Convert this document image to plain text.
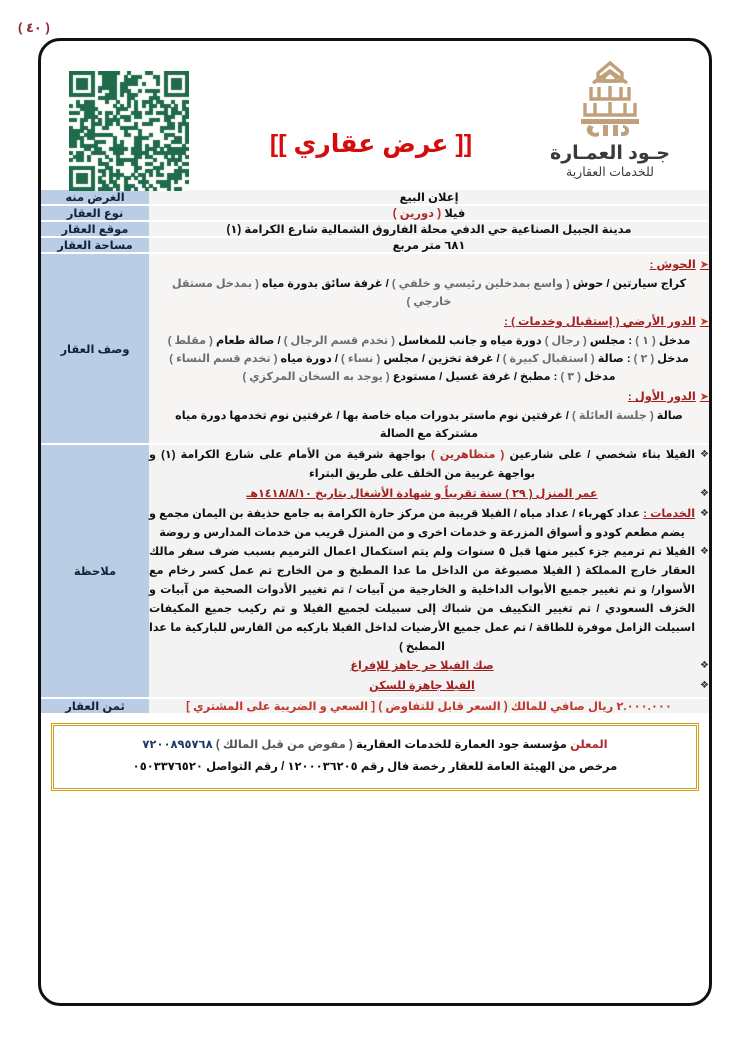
( ٤٠ )
جـود العمـارة
للخدمات العقارية
[[ عرض عقاري ]]
إعلان البيع	الغرض منه
فيلا ( دورين )	نوع العقار
مدينة الجبيل الصناعية حي الدفي محلة الفاروق الشمالية شارع الكرامة (١)	موقع العقار
٦٨١ متر مربع	مساحة العقار

➤الحوش :
كراج سيارتين / حوش ( واسع بمدخلين رئيسي و خلفي ) / غرفة سائق بدورة مياه ( بمدخل مستقل خارجي )
➤الدور الأرضي ( إستقبال وخدمات ) :
مدخل ( ١ ) : مجلس ( رجال ) دورة مياه و جانب للمغاسل ( تخدم قسم الرجال ) / صالة طعام ( مقلط )
مدخل ( ٢ ) : صالة ( استقبال كبيرة ) / غرفة تخزين / مجلس ( نساء ) / دورة مياه ( تخدم قسم النساء )
مدخل ( ٣ ) : مطبخ / غرفة غسيل / مستودع ( يوجد به السخان المركزي )
➤الدور الأول :
صالة ( جلسة العائلة ) / غرفتين نوم ماستر بدورات مياه خاصة بها / غرفتين نوم تخدمها دورة مياه مشتركة مع الصالة
	وصف العقار

❖
الفيلا بناء شخصي / على شارعين ( متظاهرين ) بواجهة شرقية من الأمام على شارع الكرامة (١) و بواجهة غربية من الخلف على طريق البتراء
❖
عمر المنزل ( ٢٩ ) سنة تقريباً و شهادة الأشغال بتاريخ ١٤١٨/٨/١٠هـ
❖
الخدمات : عداد كهرباء / عداد مياه / الفيلا قريبة من مركز حارة الكرامة به جامع حذيفة بن اليمان مجمع و يضم مطعم كودو و أسواق المزرعة و خدمات اخرى و من المنزل قريب من خدمات المدارس و روضة
❖
الفيلا تم ترميم جزء كبير منها قبل ٥ سنوات ولم يتم استكمال اعمال الترميم بسبب ضرف سفر مالك العقار خارج المملكة ( الفيلا مصبوغة من الداخل ما عدا المطبخ و من الخارج تم عمل كسر رخام مع الأسوار/ و تم تغيير جميع الأبواب الداخلية و الخارجية من آبيات / تم تغيير الأدوات الصحية من آبيات و الخزف السعودي / تم تغيير التكييف من شباك إلى سبيلت لجميع الفيلا و تم ركيب جميع المكيفات اسبيلت الزامل موفرة للطاقة / تم عمل جميع الأرضيات لداخل الفيلا باركيه من الفارس للباركية ما عدا المطبخ )
❖
صك الفيلا حر جاهز للإفراغ
❖
الفيلا جاهزة للسكن
	ملاحظة
٢.٠٠٠.٠٠٠ ريال صافي للمالك ( السعر قابل للتفاوض ) [ السعي و الضريبة على المشتري ]	ثمن العقار
المعلن مؤسسة جود العمارة للخدمات العقارية ( مفوض من قبل المالك ) ٧٢٠٠٨٩٥٧٦٨
مرخص من الهيئة العامة للعقار رخصة فال رقم ١٢٠٠٠٣٦٢٠٥ / رقم التواصل ٠٥٠٣٣٧٦٥٢٠
